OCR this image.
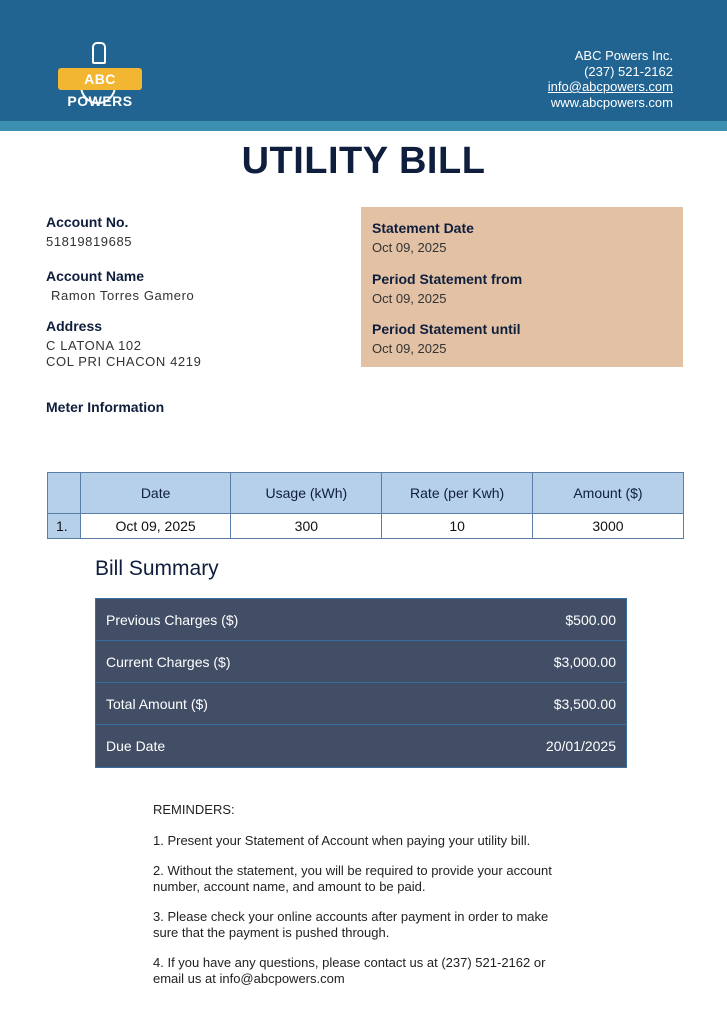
ABC POWERS
ABC Powers Inc.
(237) 521-2162
info@abcpowers.com
www.abcpowers.com
UTILITY BILL
Account No.
51819819685
Account Name
Ramon Torres Gamero
Address
C LATONA 102
COL PRI CHACON 4219
Meter Information
Statement Date
Oct 09, 2025
Period Statement from
Oct 09, 2025
Period Statement until
Oct 09, 2025
	Date	Usage (kWh)	Rate (per Kwh)	Amount ($)
1.	Oct 09, 2025	300	10	3000
Bill Summary
Previous Charges ($)	$500.00
Current Charges ($)	$3,000.00
Total Amount ($)	$3,500.00
Due Date	20/01/2025
REMINDERS:
1. Present your Statement of Account when paying your utility bill.
2. Without the statement, you will be required to provide your account number, account name, and amount to be paid.
3. Please check your online accounts after payment in order to make sure that the payment is pushed through.
4. If you have any questions, please contact us at (237) 521-2162 or email us at info@abcpowers.com
